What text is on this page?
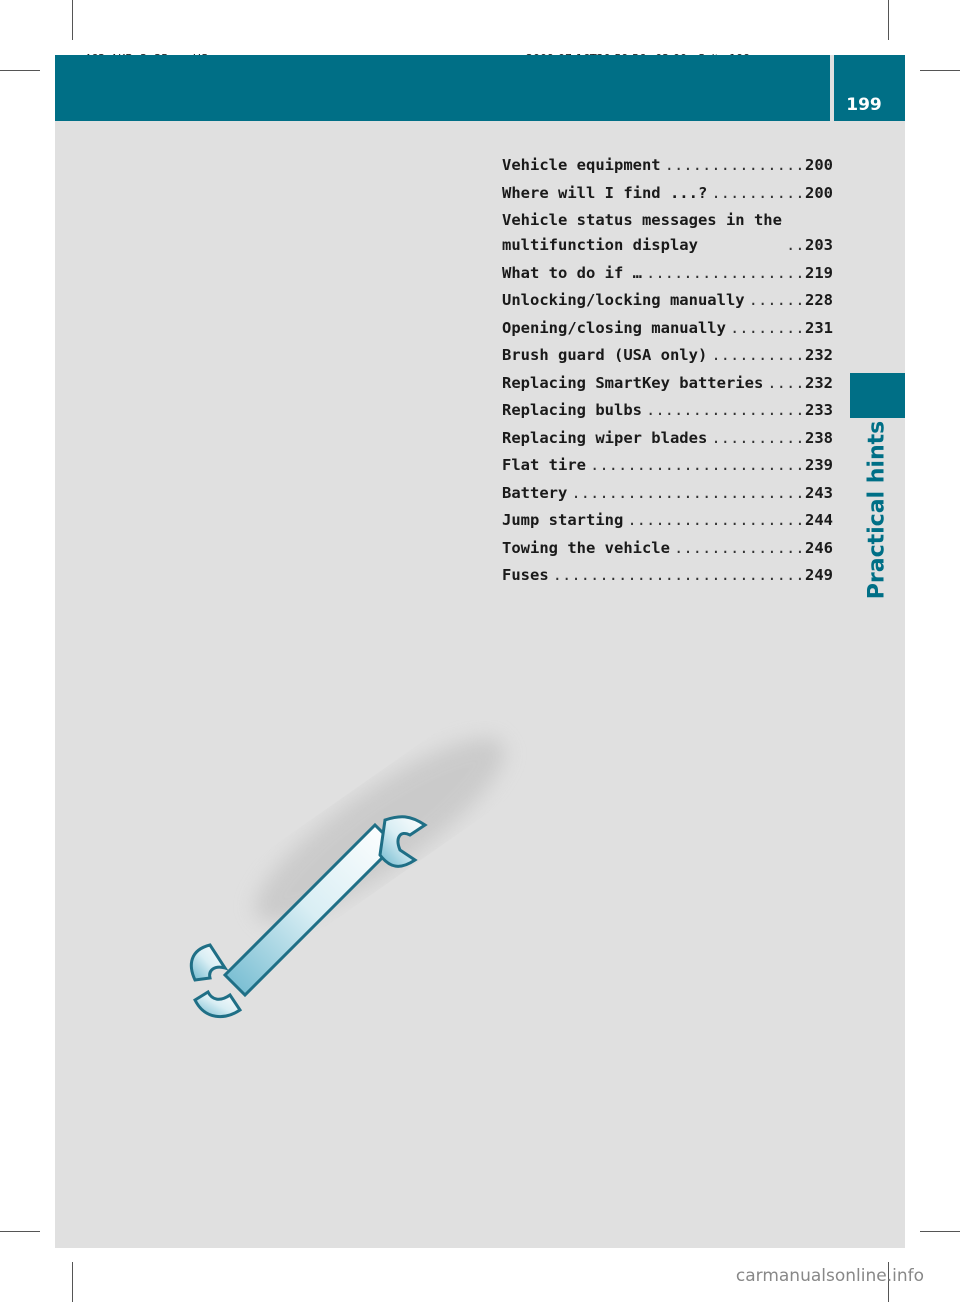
199
Practical hints
Vehicle equipment .....	200
Where will I find ...? .....	200
Vehicle status messages in the
multifunction display .....	203
What to do if … .....	219
Unlocking/locking manually .....	228
Opening/closing manually .....	231
Brush guard (USA only) .....	232
Replacing SmartKey batteries .....	232
Replacing bulbs .....	233
Replacing wiper blades .....	238
Flat tire .....	239
Battery .....	243
Jump starting .....	244
Towing the vehicle .....	246
Fuses .....	249
carmanualsonline.info
